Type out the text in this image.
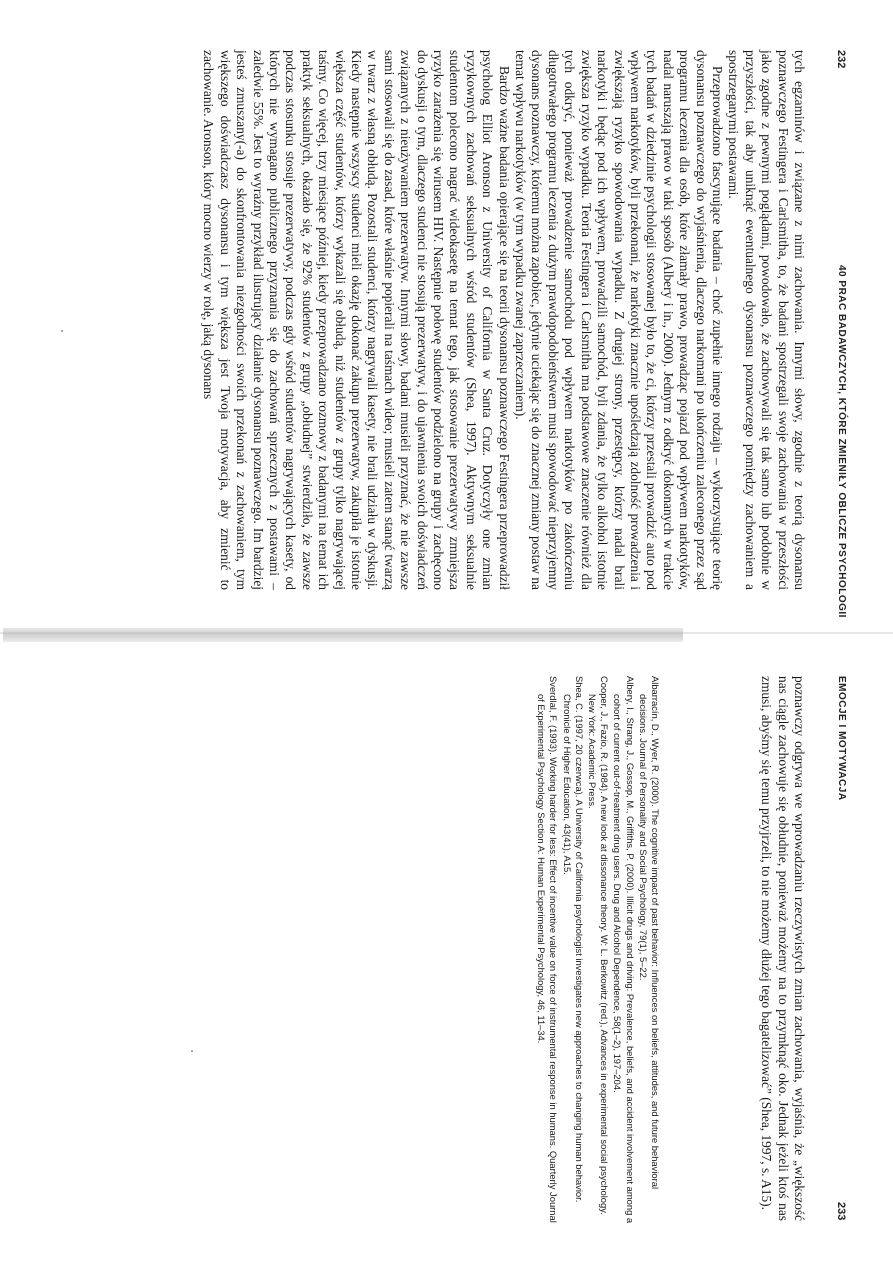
232
40 PRAC BADAWCZYCH, KTÓRE ZMIENIŁY OBLICZE PSYCHOLOGII

tych egzaminów i związane z nimi zachowania. Innymi słowy, zgodnie z teorią dysonansu poznawczego Festingera i Carlsmitha, to, że badani spostrzegali swoje zachowania w przeszłości jako zgodne z pewnymi poglądami, powodowało, że zachowywali się tak samo lub podobnie w przyszłości, tak aby uniknąć ewentualnego dysonansu poznawczego pomiędzy zachowaniem a spostrzeganymi postawami.

Przeprowadzono fascynujące badania – choć zupełnie innego rodzaju – wykorzystujące teorię dysonansu poznawczego do wyjaśnienia, dlaczego narkomani po ukończeniu zaleconego przez sąd programu leczenia dla osób, które złamały prawo, prowadząc pojazd pod wpływem narkotyków, nadal naruszają prawo w taki sposób (Albery i in., 2000). Jednym z odkryć dokonanych w trakcie tych badań w dziedzinie psychologii stosowanej było to, że ci, którzy przestali prowadzić auto pod wpływem narkotyków, byli przekonani, że narkotyki znacznie upośledzają zdolność prowadzenia i zwiększają ryzyko spowodowania wypadku. Z drugiej strony, przestępcy, którzy nadal brali narkotyki i będąc pod ich wpływem, prowadzili samochód, byli zdania, że tylko alkohol istotnie zwiększa ryzyko wypadku. Teoria Festingera i Carlsmitha ma podstawowe znaczenie również dla tych odkryć, ponieważ prowadzenie samochodu pod wpływem narkotyków po zakończeniu długotrwałego programu leczenia z dużym prawdopodobieństwem musi spowodować nieprzyjemny dysonans poznawczy, któremu można zapobiec, jedynie uciekając się do znacznej zmiany postaw na temat wpływu narkotyków (w tym wypadku zwanej zaprzeczaniem).

Bardzo ważne badania opierające się na teorii dysonansu poznawczego Festingera przeprowadził psycholog Elliot Aronson z University of California w Santa Cruz. Dotyczyły one zmian ryzykownych zachowań seksualnych wśród studentów (Shea, 1997). Aktywnym seksualnie studentom polecono nagrać wideokasetę na temat tego, jak stosowanie prezerwatywy zmniejsza ryzyko zarażenia się wirusem HIV. Następnie połowę studentów podzielono na grupy i zachęcono do dyskusji o tym, dlaczego studenci nie stosują prezerwatyw, i do ujawnienia swoich doświadczeń związanych z nieużywaniem prezerwatyw. Innymi słowy, badani musieli przyznać, że nie zawsze sami stosowali się do zasad, które właśnie popierali na taśmach wideo; musieli zatem stanąć twarzą w twarz z własną obłudą. Pozostali studenci, którzy nagrywali kasety, nie brali udziału w dyskusji. Kiedy następnie wszyscy studenci mieli okazję dokonać zakupu prezerwatyw, zakupiła je istotnie większa część studentów, którzy wykazali się obłudą, niż studentów z grupy tylko nagrywającej taśmy. Co więcej, trzy miesiące później, kiedy przeprowadzano rozmowy z badanymi na temat ich praktyk seksualnych, okazało się, że 92% studentów z grupy „obłudnej” stwierdziło, że zawsze podczas stosunku stosuje prezerwatywy, podczas gdy wśród studentów nagrywających kasety, od których nie wymagano publicznego przyznania się do zachowań sprzecznych z postawami – zaledwie 55%. Jest to wyraźny przykład ilustrujący działanie dysonansu poznawczego. Im bardziej jesteś zmuszany(-a) do skonfrontowania niezgodności swoich przekonań z zachowaniem, tym większego doświadczasz dysonansu i tym większa jest Twoja motywacja, aby zmienić to zachowanie. Aronson, który mocno wierzy w rolę, jaką dysonans

EMOCJE I MOTYWACJA
233

poznawczy odgrywa we wprowadzaniu rzeczywistych zmian zachowania, wyjaśnia, że „większość nas ciągle zachowuje się obłudnie, ponieważ możemy na to przymknąć oko. Jednak jeżeli ktoś nas zmusi, abyśmy się temu przyjrzeli, to nie możemy dłużej tego bagatelizować” (Shea, 1997, s. A15).

Albarracín, D., Wyer, R. (2000). The cognitive impact of past behavior: Influences on beliefs, attitudes, and future behavioral decisions. Journal of Personality and Social Psychology, 79(1), 5–22.

Albery, I., Strang, J., Gossop, M., Griffiths, P. (2000). Illicit drugs and driving: Prevalence, beliefs, and accident involvement among a cohort of current out-of-treatment drug users. Drug and Alcohol Dependence, 58(1–2), 197–204.

Cooper, J., Fazio, R. (1984). A new look at dissonance theory. W: L. Berkowitz (red.), Advances in experimental social psychology. New York: Academic Press.

Shea, C. (1997, 20 czerwca). A University of California psychologist investigates new approaches to changing human behavior. Chronicle of Higher Education, 43(41), A15.

Sverdlal, F. (1993). Working harder for less: Effect of incentive value on force of instrumental response in humans. Quarterly Journal of Experimental Psychology Section A: Human Experimental Psychology, 46, 11–34.
